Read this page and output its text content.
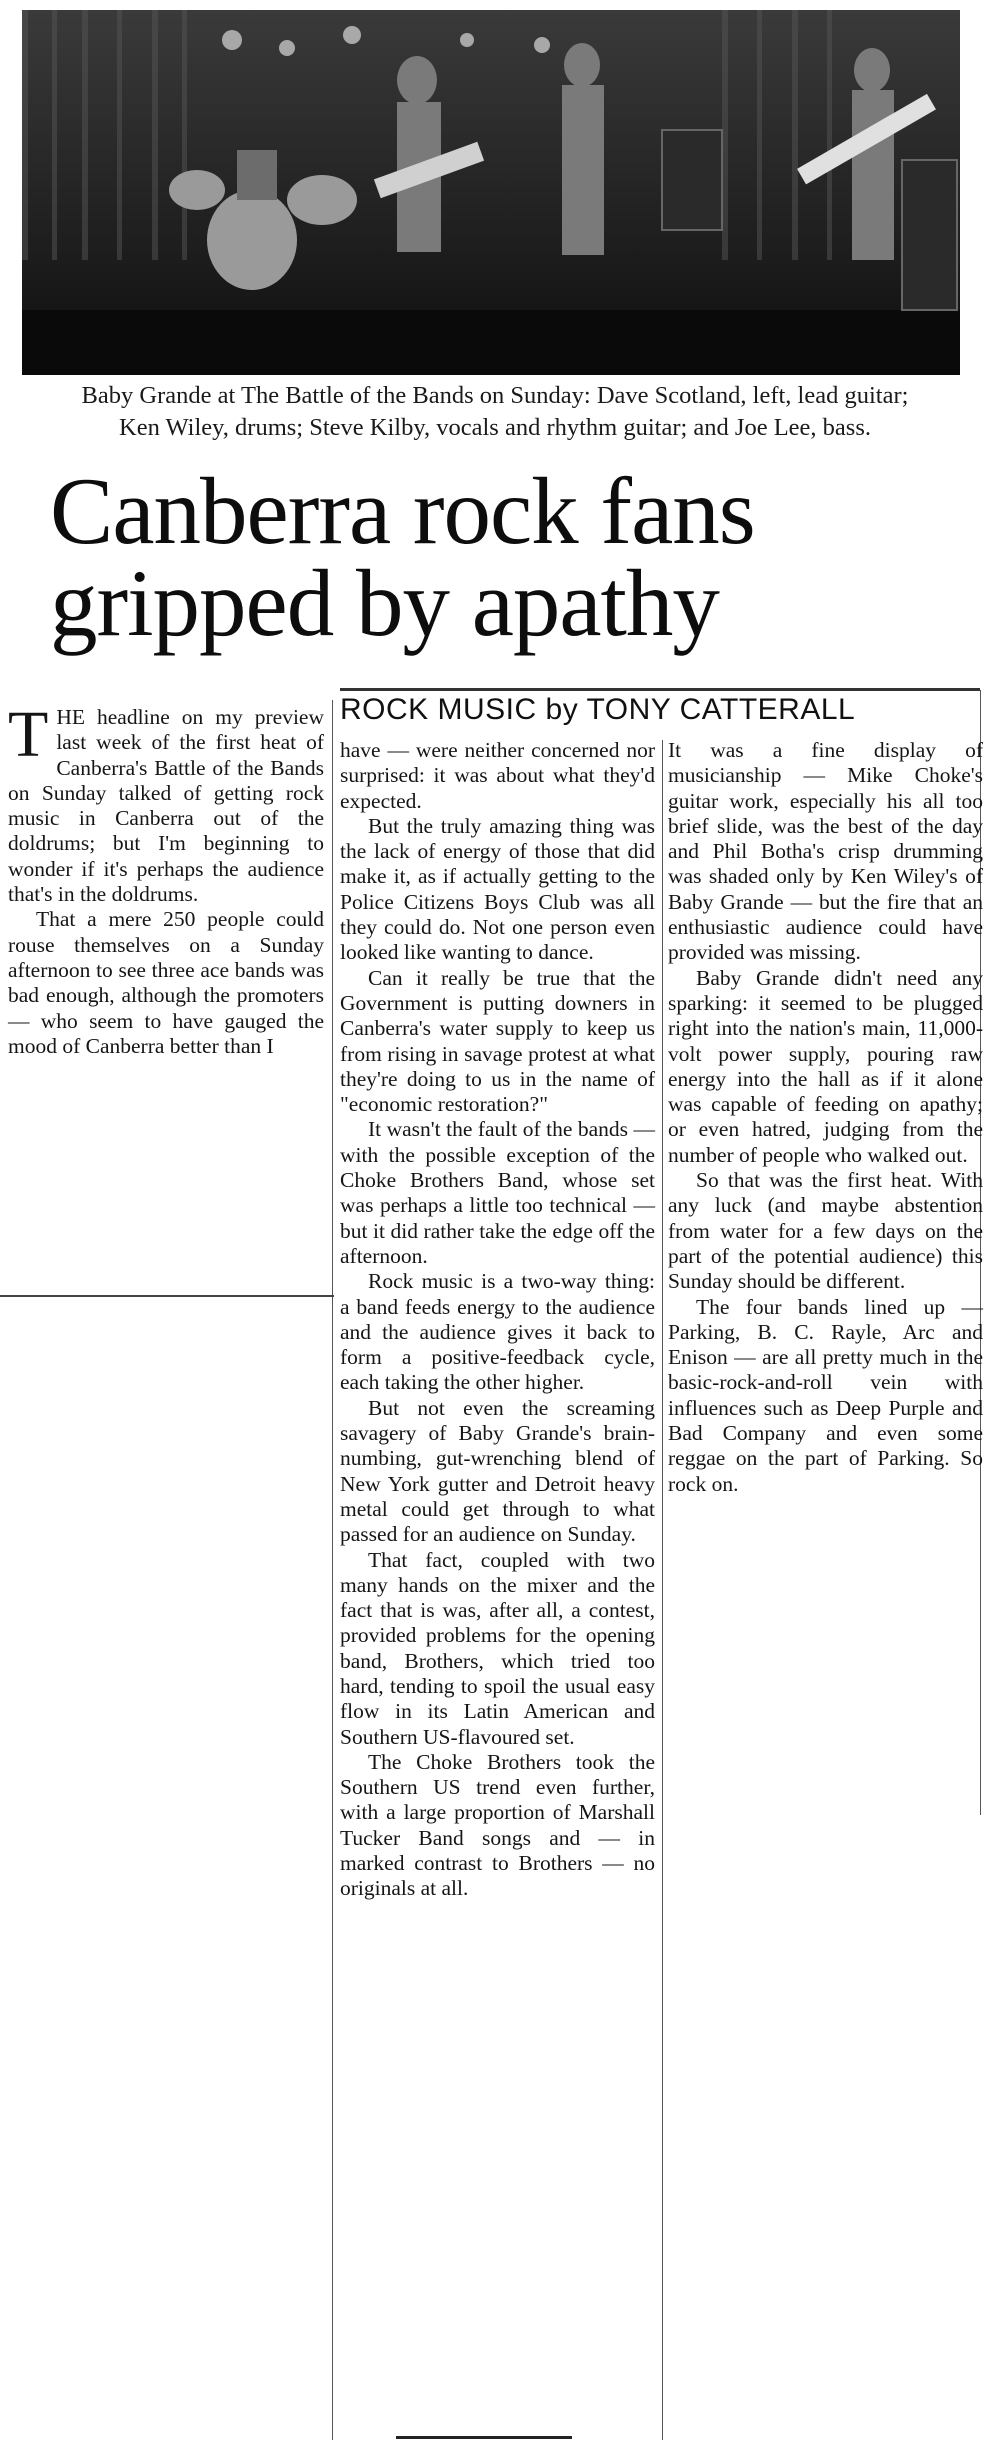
Baby Grande at The Battle of the Bands on Sunday: Dave Scotland, left, lead guitar; Ken Wiley, drums; Steve Kilby, vocals and rhythm guitar; and Joe Lee, bass.
Canberra rock fans gripped by apathy
ROCK MUSIC by TONY CATTERALL

THE headline on my preview last week of the first heat of Canberra's Battle of the Bands on Sunday talked of getting rock music in Canberra out of the doldrums; but I'm beginning to wonder if it's perhaps the audience that's in the doldrums.

That a mere 250 people could rouse themselves on a Sunday afternoon to see three ace bands was bad enough, although the promoters — who seem to have gauged the mood of Canberra better than I

have — were neither concerned nor surprised: it was about what they'd expected.

But the truly amazing thing was the lack of energy of those that did make it, as if actually getting to the Police Citizens Boys Club was all they could do. Not one person even looked like wanting to dance.

Can it really be true that the Government is putting downers in Canberra's water supply to keep us from rising in savage protest at what they're doing to us in the name of "economic restoration?"

It wasn't the fault of the bands — with the possible exception of the Choke Brothers Band, whose set was perhaps a little too technical — but it did rather take the edge off the afternoon.

Rock music is a two-way thing: a band feeds energy to the audience and the audience gives it back to form a positive-feedback cycle, each taking the other higher.

But not even the screaming savagery of Baby Grande's brain-numbing, gut-wrenching blend of New York gutter and Detroit heavy metal could get through to what passed for an audience on Sunday.

That fact, coupled with two many hands on the mixer and the fact that is was, after all, a contest, provided problems for the opening band, Brothers, which tried too hard, tending to spoil the usual easy flow in its Latin American and Southern US-flavoured set.

The Choke Brothers took the Southern US trend even further, with a large proportion of Marshall Tucker Band songs and — in marked contrast to Brothers — no originals at all.

It was a fine display of musicianship — Mike Choke's guitar work, especially his all too brief slide, was the best of the day and Phil Botha's crisp drumming was shaded only by Ken Wiley's of Baby Grande — but the fire that an enthusiastic audience could have provided was missing.

Baby Grande didn't need any sparking: it seemed to be plugged right into the nation's main, 11,000-volt power supply, pouring raw energy into the hall as if it alone was capable of feeding on apathy; or even hatred, judging from the number of people who walked out.

So that was the first heat. With any luck (and maybe abstention from water for a few days on the part of the potential audience) this Sunday should be different.

The four bands lined up — Parking, B. C. Rayle, Arc and Enison — are all pretty much in the basic-rock-and-roll vein with influences such as Deep Purple and Bad Company and even some reggae on the part of Parking. So rock on.
